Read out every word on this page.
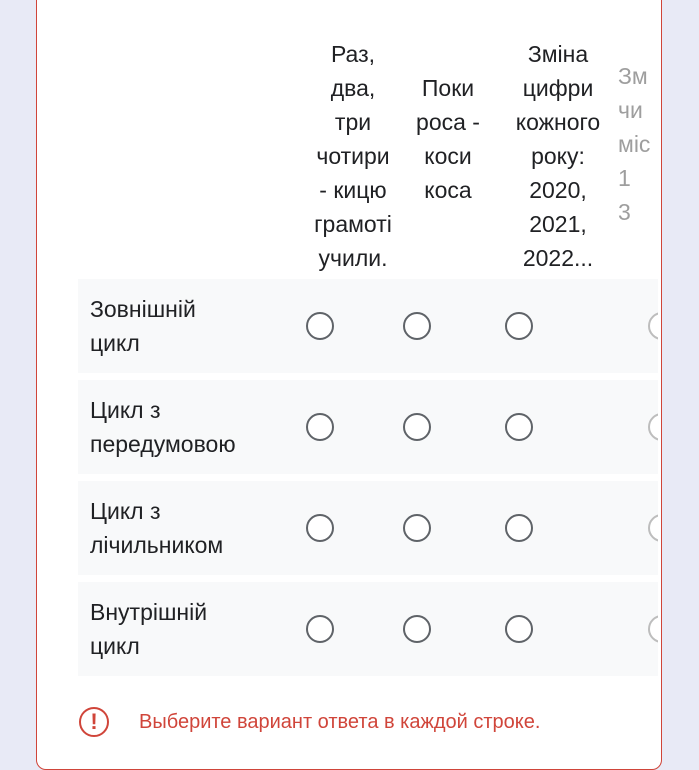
Раз,
два,
три
чотири
- кицю
грамоті
учили.
Поки
роса -
коси
коса
Зміна
цифри
кожного
року:
2020,
2021,
2022...
Зм
чи
міс
1
3
Зовнішній
цикл
Цикл з
передумовою
Цикл з
лічильником
Внутрішній
цикл
!	Выберите вариант ответа в каждой строке.
